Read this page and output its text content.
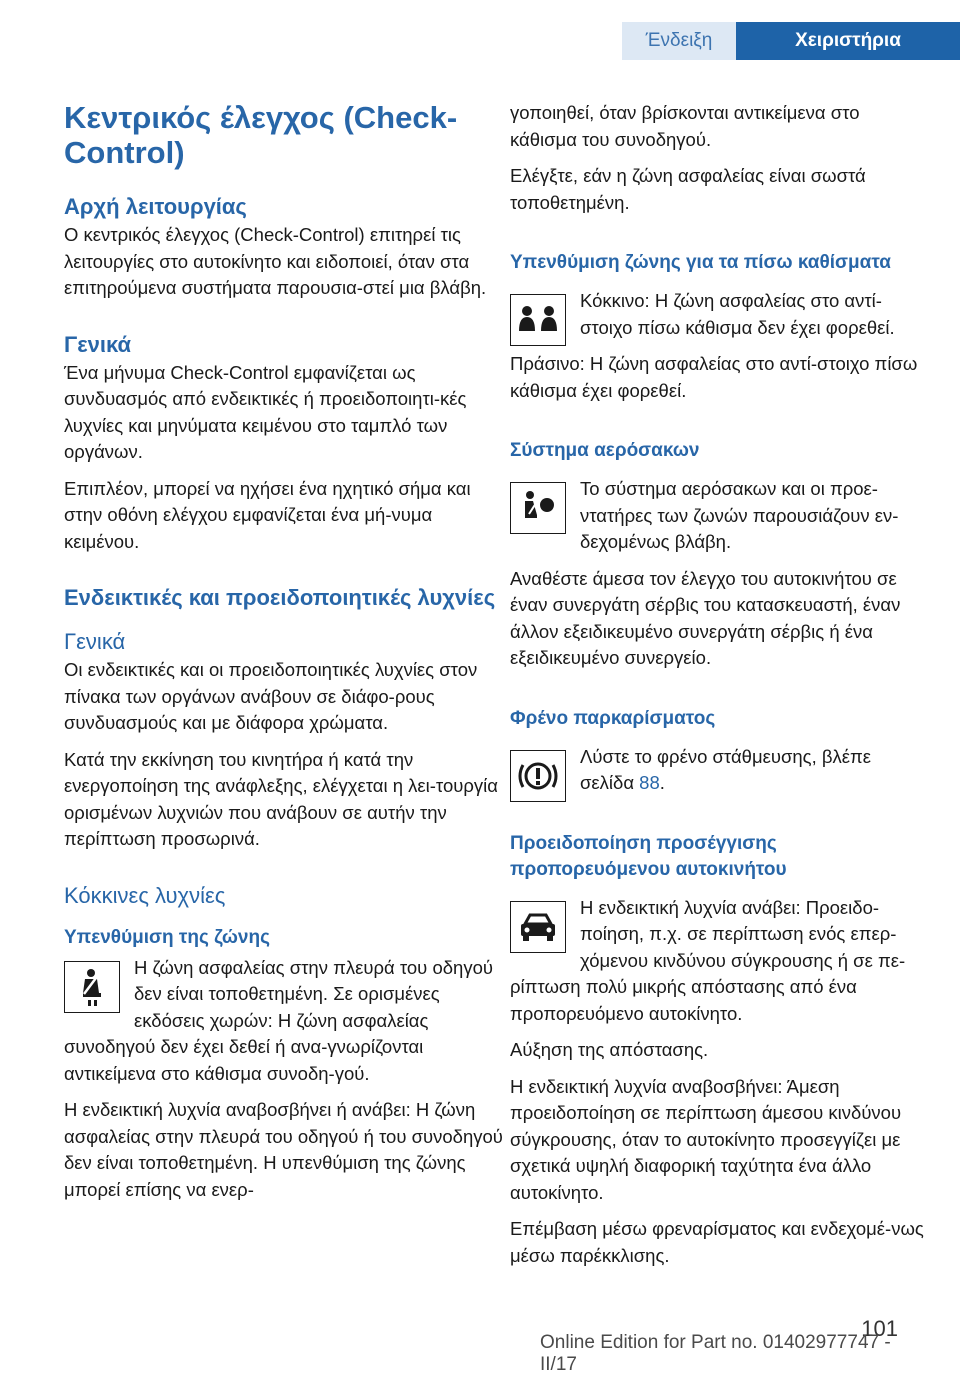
Ένδειξη	Χειριστήρια
Κεντρικός έλεγχος (Check-Control)
Αρχή λειτουργίας

Ο κεντρικός έλεγχος (Check-Control) επιτηρεί τις λειτουργίες στο αυτοκίνητο και ειδοποιεί, όταν στα επιτηρούμενα συστήματα παρουσια-στεί μια βλάβη.

Γενικά

Ένα μήνυμα Check-Control εμφανίζεται ως συνδυασμός από ενδεικτικές ή προειδοποιητι-κές λυχνίες και μηνύματα κειμένου στο ταμπλό των οργάνων.

Επιπλέον, μπορεί να ηχήσει ένα ηχητικό σήμα και στην οθόνη ελέγχου εμφανίζεται ένα μή-νυμα κειμένου.

Ενδεικτικές και προειδοποιητικές λυχνίες
Γενικά

Οι ενδεικτικές και οι προειδοποιητικές λυχνίες στον πίνακα των οργάνων ανάβουν σε διάφο-ρους συνδυασμούς και με διάφορα χρώματα.

Κατά την εκκίνηση του κινητήρα ή κατά την ενεργοποίηση της ανάφλεξης, ελέγχεται η λει-τουργία ορισμένων λυχνιών που ανάβουν σε αυτήν την περίπτωση προσωρινά.

Κόκκινες λυχνίες
Υπενθύμιση της ζώνης

Η ζώνη ασφαλείας στην πλευρά του οδηγού δεν είναι τοποθετημένη. Σε ορισμένες εκδόσεις χωρών: Η ζώνη ασφαλείας συνοδηγού δεν έχει δεθεί ή ανα-γνωρίζονται αντικείμενα στο κάθισμα συνοδη-γού.

Η ενδεικτική λυχνία αναβοσβήνει ή ανάβει: Η ζώνη ασφαλείας στην πλευρά του οδηγού ή του συνοδηγού δεν είναι τοποθετημένη. Η υπενθύμιση της ζώνης μπορεί επίσης να ενερ-

γοποιηθεί, όταν βρίσκονται αντικείμενα στο κάθισμα του συνοδηγού.

Ελέγξτε, εάν η ζώνη ασφαλείας είναι σωστά τοποθετημένη.

Υπενθύμιση ζώνης για τα πίσω καθίσματα

Κόκκινο: Η ζώνη ασφαλείας στο αντί-στοιχο πίσω κάθισμα δεν έχει φορεθεί.

Πράσινο: Η ζώνη ασφαλείας στο αντί-στοιχο πίσω κάθισμα έχει φορεθεί.

Σύστημα αερόσακων

Το σύστημα αερόσακων και οι προε-ντατήρες των ζωνών παρουσιάζουν εν-δεχομένως βλάβη.

Αναθέστε άμεσα τον έλεγχο του αυτοκινήτου σε έναν συνεργάτη σέρβις του κατασκευαστή, έναν άλλον εξειδικευμένο συνεργάτη σέρβις ή ένα εξειδικευμένο συνεργείο.

Φρένο παρκαρίσματος

Λύστε το φρένο στάθμευσης, βλέπε σελίδα 88.

Προειδοποίηση προσέγγισης προπορευόμενου αυτοκινήτου

Η ενδεικτική λυχνία ανάβει: Προειδο-ποίηση, π.χ. σε περίπτωση ενός επερ-χόμενου κινδύνου σύγκρουσης ή σε πε-ρίπτωση πολύ μικρής απόστασης από ένα προπορευόμενο αυτοκίνητο.

Αύξηση της απόστασης.

Η ενδεικτική λυχνία αναβοσβήνει: Άμεση προειδοποίηση σε περίπτωση άμεσου κινδύνου σύγκρουσης, όταν το αυτοκίνητο προσεγγίζει με σχετικά υψηλή διαφορική ταχύτητα ένα άλλο αυτοκίνητο.

Επέμβαση μέσω φρεναρίσματος και ενδεχομέ-νως μέσω παρέκκλισης.

101
Online Edition for Part no. 01402977747 - II/17
